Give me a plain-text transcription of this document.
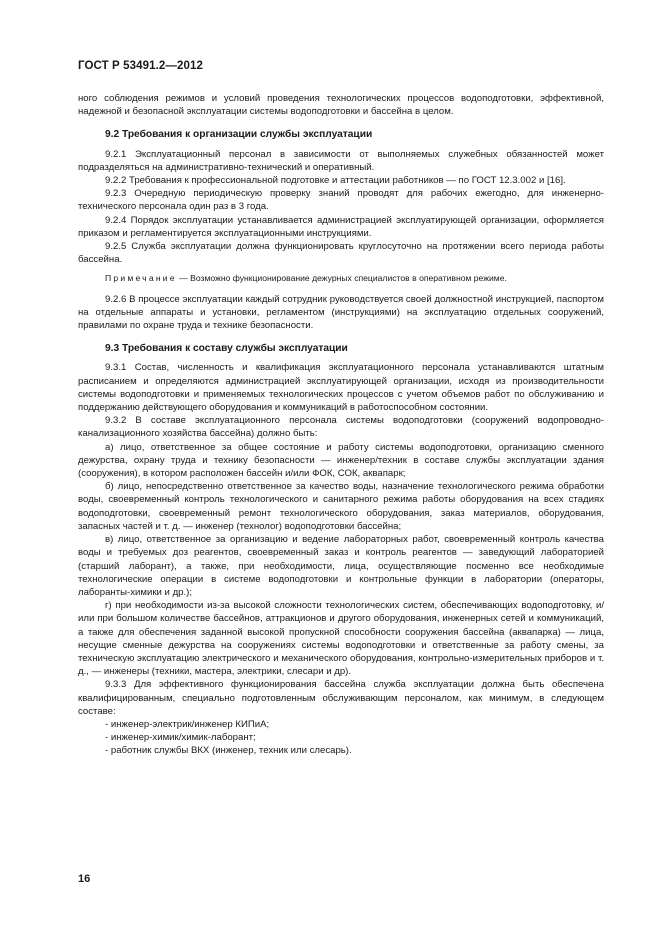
ГОСТ Р 53491.2—2012

ного соблюдения режимов и условий проведения технологических процессов водоподготовки, эффективной, надежной и безопасной эксплуатации системы водоподготовки и бассейна в целом.

9.2 Требования к организации службы эксплуатации

9.2.1 Эксплуатационный персонал в зависимости от выполняемых служебных обязанностей может подразделяться на административно-технический и оперативный.

9.2.2 Требования к профессиональной подготовке и аттестации работников — по ГОСТ 12.3.002 и [16].

9.2.3 Очередную периодическую проверку знаний проводят для рабочих ежегодно, для инженерно-технического персонала один раз в 3 года.

9.2.4 Порядок эксплуатации устанавливается администрацией эксплуатирующей организации, оформляется приказом и регламентируется эксплуатационными инструкциями.

9.2.5 Служба эксплуатации должна функционировать круглосуточно на протяжении всего периода работы бассейна.

Примечание — Возможно функционирование дежурных специалистов в оперативном режиме.

9.2.6 В процессе эксплуатации каждый сотрудник руководствуется своей должностной инструкцией, паспортом на отдельные аппараты и установки, регламентом (инструкциями) на эксплуатацию отдельных сооружений, правилами по охране труда и технике безопасности.

9.3 Требования к составу службы эксплуатации

9.3.1 Состав, численность и квалификация эксплуатационного персонала устанавливаются штатным расписанием и определяются администрацией эксплуатирующей организации, исходя из производительности системы водоподготовки и применяемых технологических процессов с учетом объемов работ по обслуживанию и поддержанию действующего оборудования и коммуникаций в работоспособном состоянии.

9.3.2 В составе эксплуатационного персонала системы водоподготовки (сооружений водопроводно-канализационного хозяйства бассейна) должно быть:

а) лицо, ответственное за общее состояние и работу системы водоподготовки, организацию сменного дежурства, охрану труда и технику безопасности — инженер/техник в составе службы эксплуатации здания (сооружения), в котором расположен бассейн и/или ФОК, СОК, аквапарк;

б) лицо, непосредственно ответственное за качество воды, назначение технологического режима обработки воды, своевременный контроль технологического и санитарного режима работы оборудования на всех стадиях водоподготовки, своевременный ремонт технологического оборудования, заказ материалов, оборудования, запасных частей и т. д. — инженер (технолог) водоподготовки бассейна;

в) лицо, ответственное за организацию и ведение лабораторных работ, своевременный контроль качества воды и требуемых доз реагентов, своевременный заказ и контроль реагентов — заведующий лабораторией (старший лаборант), а также, при необходимости, лица, осуществляющие посменно все необходимые технологические операции в системе водоподготовки и контрольные функции в лаборатории (операторы, лаборанты-химики и др.);

г) при необходимости из-за высокой сложности технологических систем, обеспечивающих водоподготовку, и/или при большом количестве бассейнов, аттракционов и другого оборудования, инженерных сетей и коммуникаций, а также для обеспечения заданной высокой пропускной способности сооружения бассейна (аквапарка) — лица, несущие сменные дежурства на сооружениях системы водоподготовки и ответственные за работу смены, за техническую эксплуатацию электрического и механического оборудования, контрольно-измерительных приборов и т. д., — инженеры (техники, мастера, электрики, слесари и др).

9.3.3 Для эффективного функционирования бассейна служба эксплуатации должна быть обеспечена квалифицированным, специально подготовленным обслуживающим персоналом, как минимум, в следующем составе:

- инженер-электрик/инженер КИПиА;

- инженер-химик/химик-лаборант;

- работник службы ВКХ (инженер, техник или слесарь).

16
